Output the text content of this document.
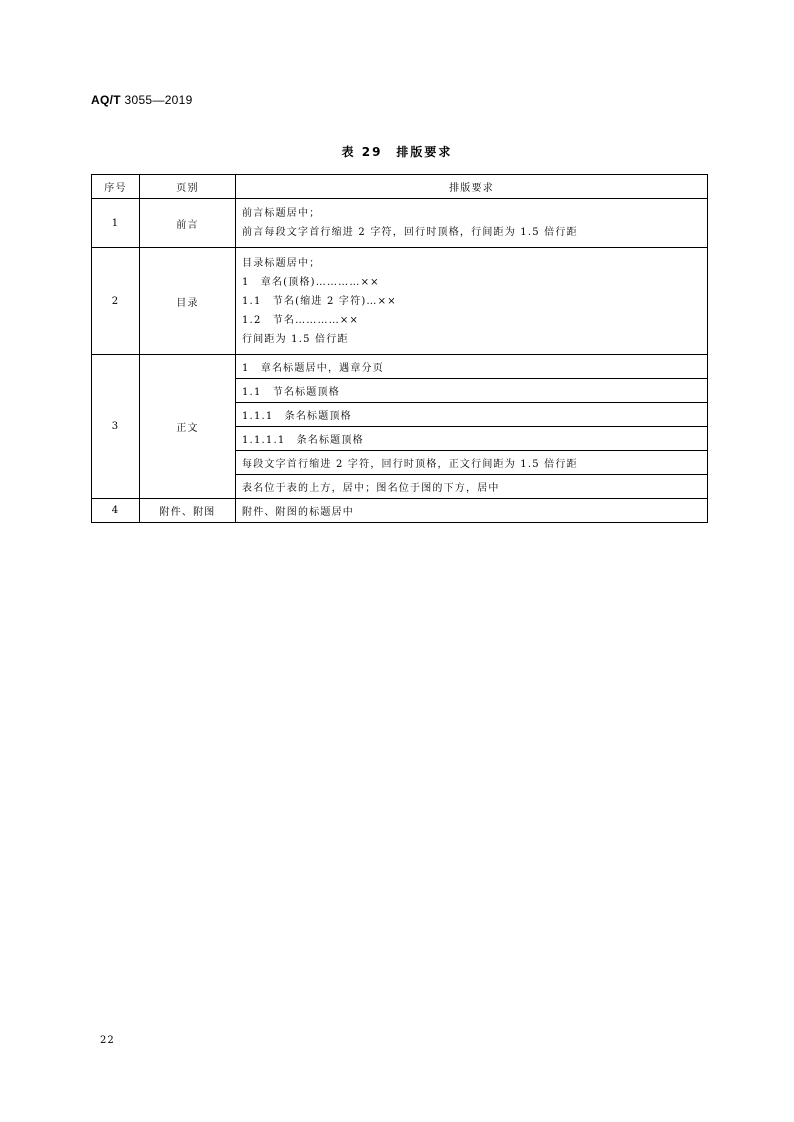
AQ/T 3055—2019
表 29　排版要求
序号	页别	排版要求
1	前言	前言标题居中；
前言每段文字首行缩进 2 字符，回行时顶格，行间距为 1.5 倍行距

2	目录	目录标题居中；
1　章名(顶格)…………××
1.1　节名(缩进 2 字符)…××
1.2　节名…………××
行间距为 1.5 倍行距

3	正文	1　章名标题居中，遇章分页
		1.1　节名标题顶格
		1.1.1　条名标题顶格
		1.1.1.1　条名标题顶格
		每段文字首行缩进 2 字符，回行时顶格，正文行间距为 1.5 倍行距
		表名位于表的上方，居中；图名位于图的下方，居中
4	附件、附图	附件、附图的标题居中
22
